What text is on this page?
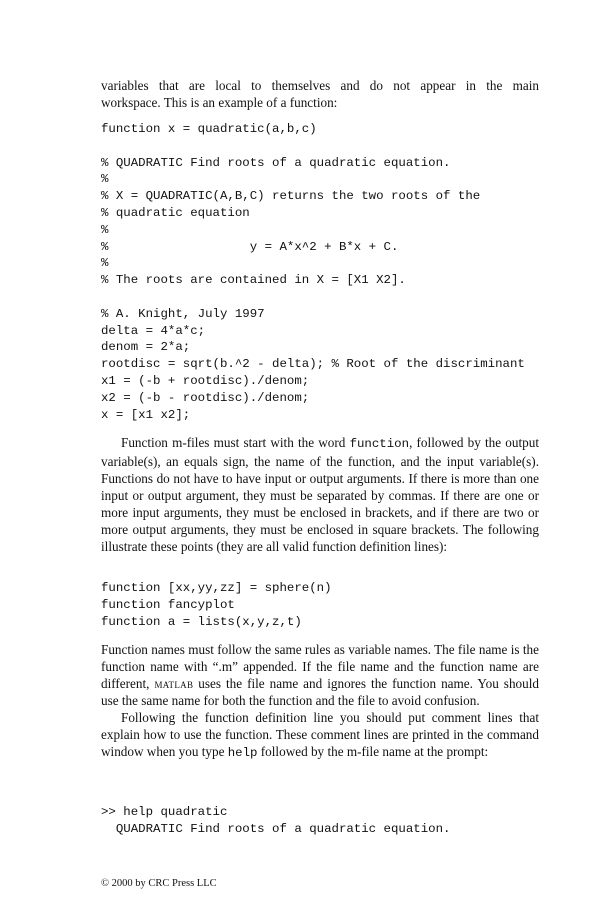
variables that are local to themselves and do not appear in the main

workspace. This is an example of a function:

function x = quadratic(a,b,c)
% QUADRATIC Find roots of a quadratic equation.
%
% X = QUADRATIC(A,B,C) returns the two roots of the
% quadratic equation
%
%                   y = A*x^2 + B*x + C.
%
% The roots are contained in X = [X1 X2].
% A. Knight, July 1997
delta = 4*a*c;
denom = 2*a;
rootdisc = sqrt(b.^2 - delta); % Root of the discriminant
x1 = (-b + rootdisc)./denom;
x2 = (-b - rootdisc)./denom;
x = [x1 x2];

Function m-files must start with the word function, followed by the output variable(s), an equals sign, the name of the function, and the input variable(s). Functions do not have to have input or output arguments. If there is more than one input or output argument, they must be separated by commas. If there are one or more input arguments, they must be enclosed in brackets, and if there are two or more output arguments, they must be enclosed in square brackets. The following illustrate these points (they are all valid function definition lines):

function [xx,yy,zz] = sphere(n)
function fancyplot
function a = lists(x,y,z,t)

Function names must follow the same rules as variable names. The file name is the function name with “.m” appended. If the file name and the function name are different, matlab uses the file name and ignores the function name. You should use the same name for both the function and the file to avoid confusion.

Following the function definition line you should put comment lines that explain how to use the function. These comment lines are printed in the command window when you type help followed by the m-file name at the prompt:

>> help quadratic
QUADRATIC Find roots of a quadratic equation.
© 2000 by CRC Press LLC
